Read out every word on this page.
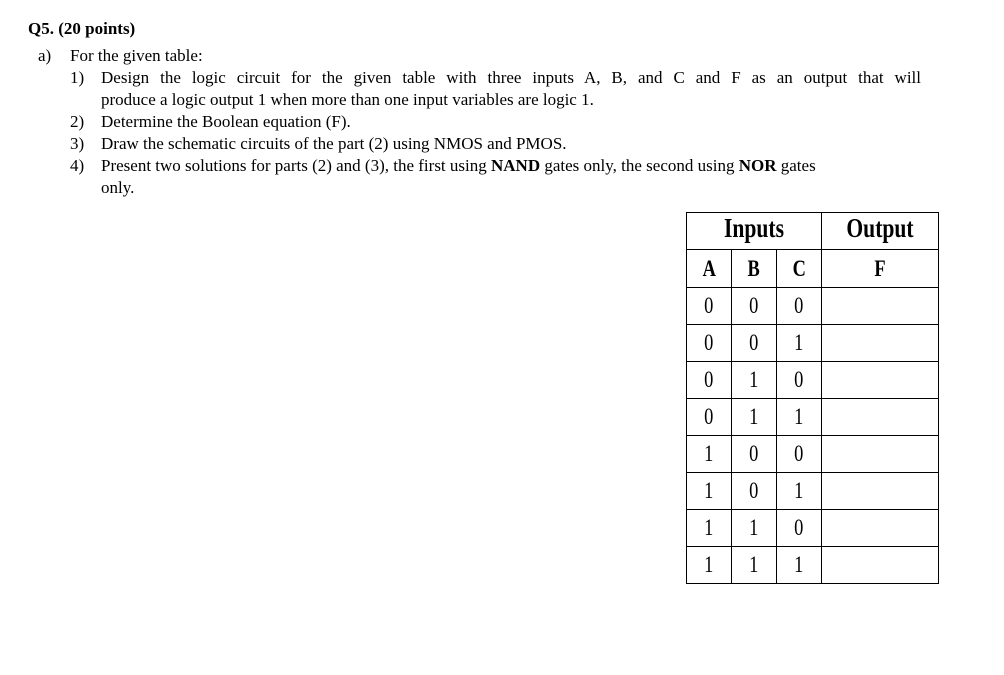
Q5. (20 points)
a) For the given table:
1) Design the logic circuit for the given table with three inputs A, B, and C and F as an output that will
produce a logic output 1 when more than one input variables are logic 1.
2) Determine the Boolean equation (F).
3) Draw the schematic circuits of the part (2) using NMOS and PMOS.
4) Present two solutions for parts (2) and (3), the first using NAND gates only, the second using NOR gates
only.
Inputs			Output

A	B	C	F
0	0	0	
0	0	1	
0	1	0	
0	1	1	
1	0	0	
1	0	1	
1	1	0	
1	1	1	
